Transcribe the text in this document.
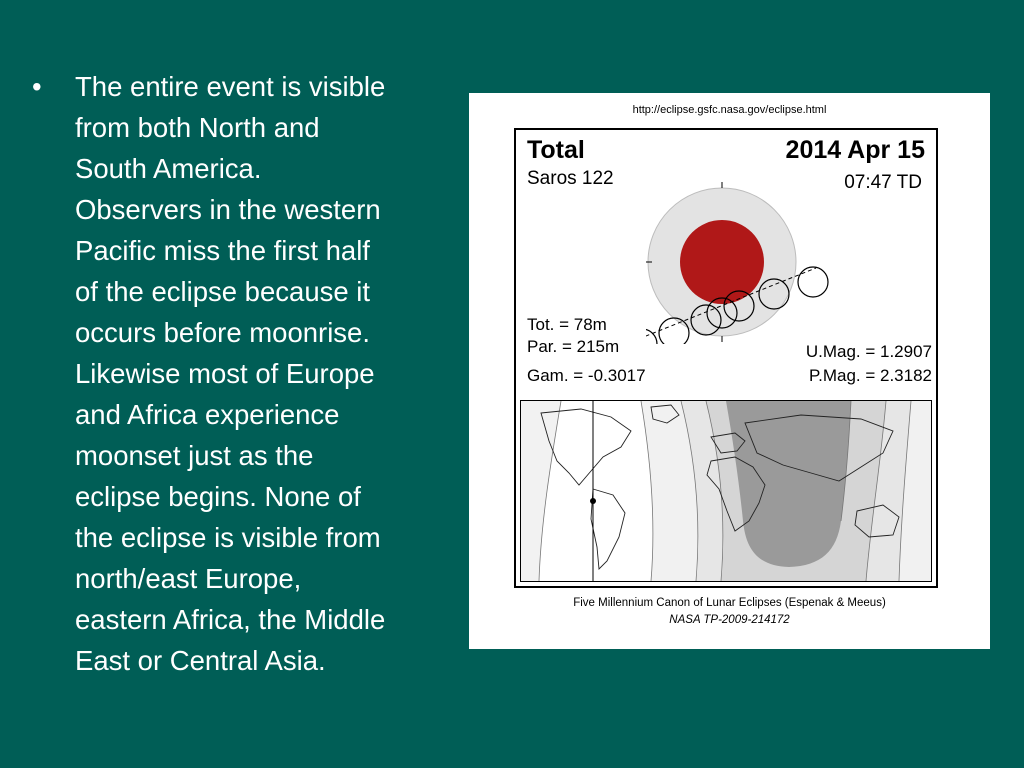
• The entire event is visible
from both North and
South America.
Observers in the western
Pacific miss the first half
of the eclipse because it
occurs before moonrise.
Likewise most of Europe
and Africa experience
moonset just as the
eclipse begins. None of
the eclipse is visible from
north/east Europe,
eastern Africa, the Middle
East or Central Asia.
http://eclipse.gsfc.nasa.gov/eclipse.html
Total	2014 Apr 15
Saros 122	07:47 TD
Tot. = 78m
Par. = 215m
Gam. = -0.3017
U.Mag. = 1.2907
P.Mag. = 2.3182
Five Millennium Canon of Lunar Eclipses (Espenak & Meeus)
NASA TP-2009-214172
